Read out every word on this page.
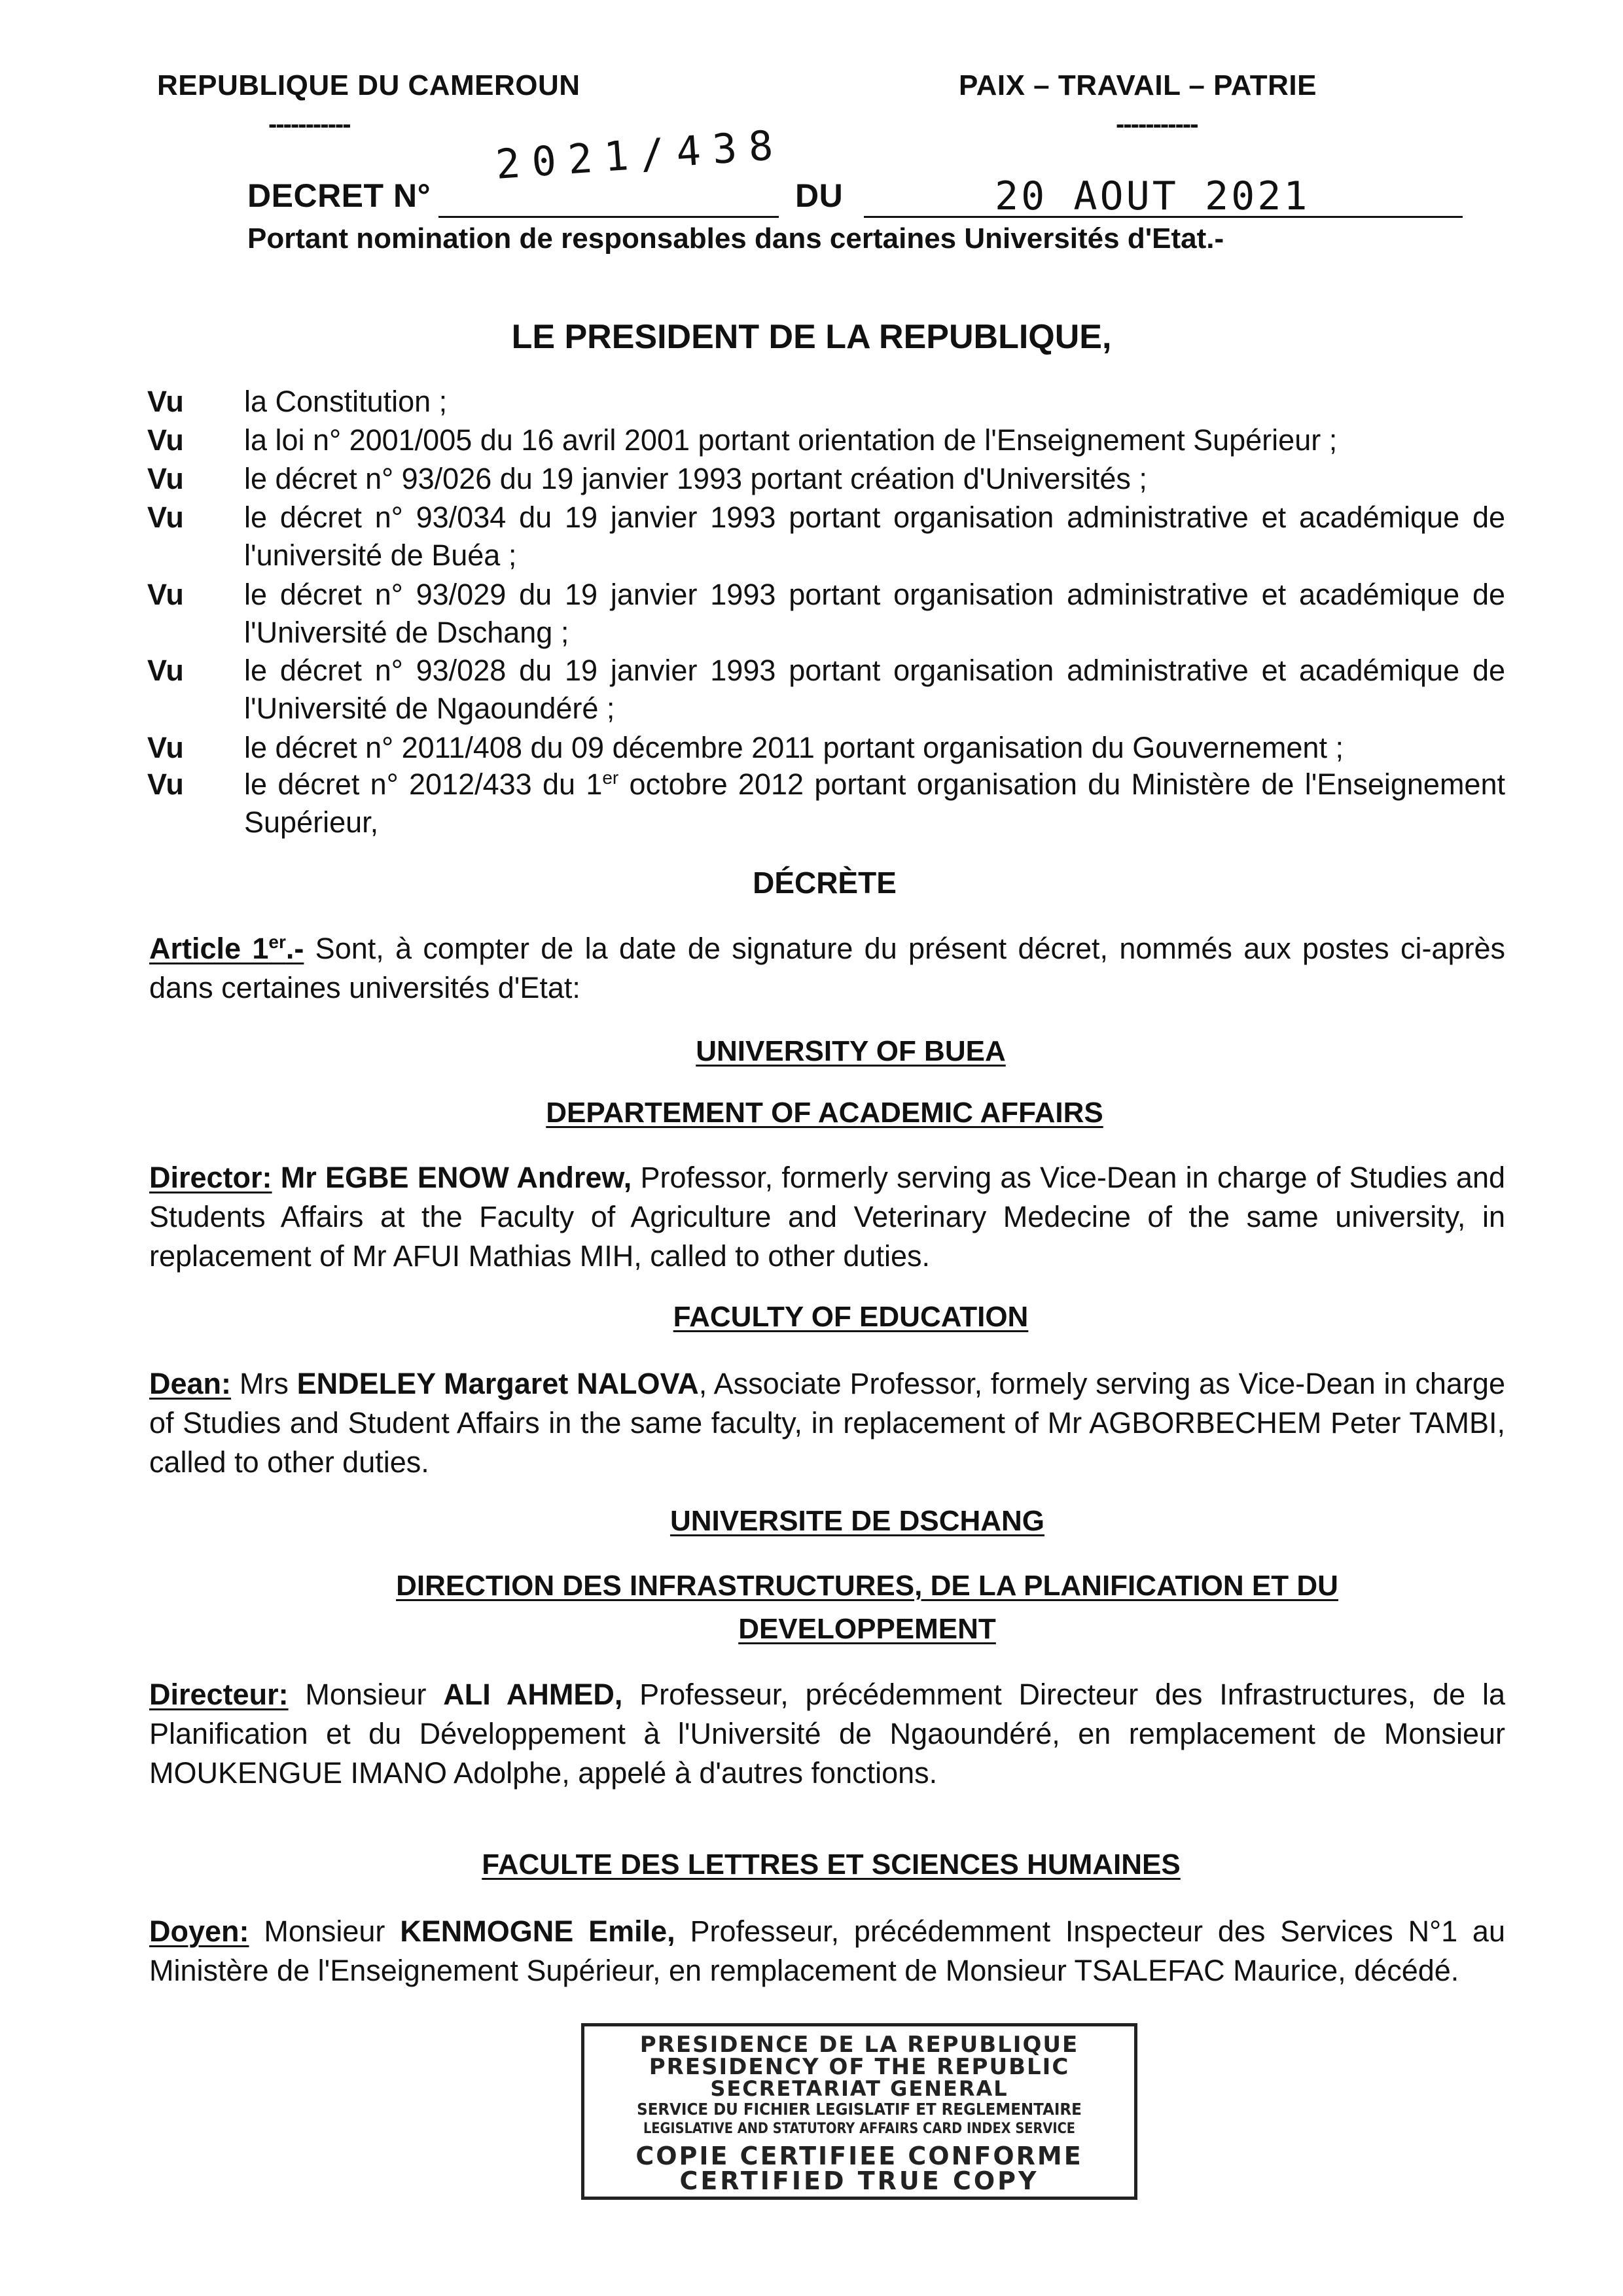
REPUBLIQUE DU CAMEROUN
-----------
PAIX – TRAVAIL – PATRIE
-----------
DECRET N°
2021/438
DU	20 AOUT 2021
Portant nomination de responsables dans certaines Universités d'Etat.-
LE PRESIDENT DE LA REPUBLIQUE,
Vu	la Constitution ;
Vu	la loi n° 2001/005 du 16 avril 2001 portant orientation de l'Enseignement Supérieur ;
Vu	le décret n° 93/026 du 19 janvier 1993 portant création d'Universités ;
Vu	le décret n° 93/034 du 19 janvier 1993 portant organisation administrative et académique de l'université de Buéa ;
Vu	le décret n° 93/029 du 19 janvier 1993 portant organisation administrative et académique de l'Université de Dschang ;
Vu	le décret n° 93/028 du 19 janvier 1993 portant organisation administrative et académique de l'Université de Ngaoundéré ;
Vu	le décret n° 2011/408 du 09 décembre 2011 portant organisation du Gouvernement ;
Vu	le décret n° 2012/433 du 1er octobre 2012 portant organisation du Ministère de l'Enseignement Supérieur,
DÉCRÈTE
Article 1er.- Sont, à compter de la date de signature du présent décret, nommés aux postes ci-après dans certaines universités d'Etat:
UNIVERSITY OF BUEA
DEPARTEMENT OF ACADEMIC AFFAIRS
Director: Mr EGBE ENOW Andrew, Professor, formerly serving as Vice-Dean in charge of Studies and Students Affairs at the Faculty of Agriculture and Veterinary Medecine of the same university, in replacement of Mr AFUI Mathias MIH, called to other duties.
FACULTY OF EDUCATION
Dean: Mrs ENDELEY Margaret NALOVA, Associate Professor, formely serving as Vice-Dean in charge of Studies and Student Affairs in the same faculty, in replacement of Mr AGBORBECHEM Peter TAMBI, called to other duties.
UNIVERSITE DE DSCHANG
DIRECTION DES INFRASTRUCTURES, DE LA PLANIFICATION ET DU DEVELOPPEMENT
Directeur: Monsieur ALI AHMED, Professeur, précédemment Directeur des Infrastructures, de la Planification et du Développement à l'Université de Ngaoundéré, en remplacement de Monsieur MOUKENGUE IMANO Adolphe, appelé à d'autres fonctions.
FACULTE DES LETTRES ET SCIENCES HUMAINES
Doyen: Monsieur KENMOGNE Emile, Professeur, précédemment Inspecteur des Services N°1 au Ministère de l'Enseignement Supérieur, en remplacement de Monsieur TSALEFAC Maurice, décédé.
PRESIDENCE DE LA REPUBLIQUE
PRESIDENCY OF THE REPUBLIC
SECRETARIAT GENERAL
SERVICE DU FICHIER LEGISLATIF ET REGLEMENTAIRE
LEGISLATIVE AND STATUTORY AFFAIRS CARD INDEX SERVICE
COPIE CERTIFIEE CONFORME
CERTIFIED TRUE COPY
